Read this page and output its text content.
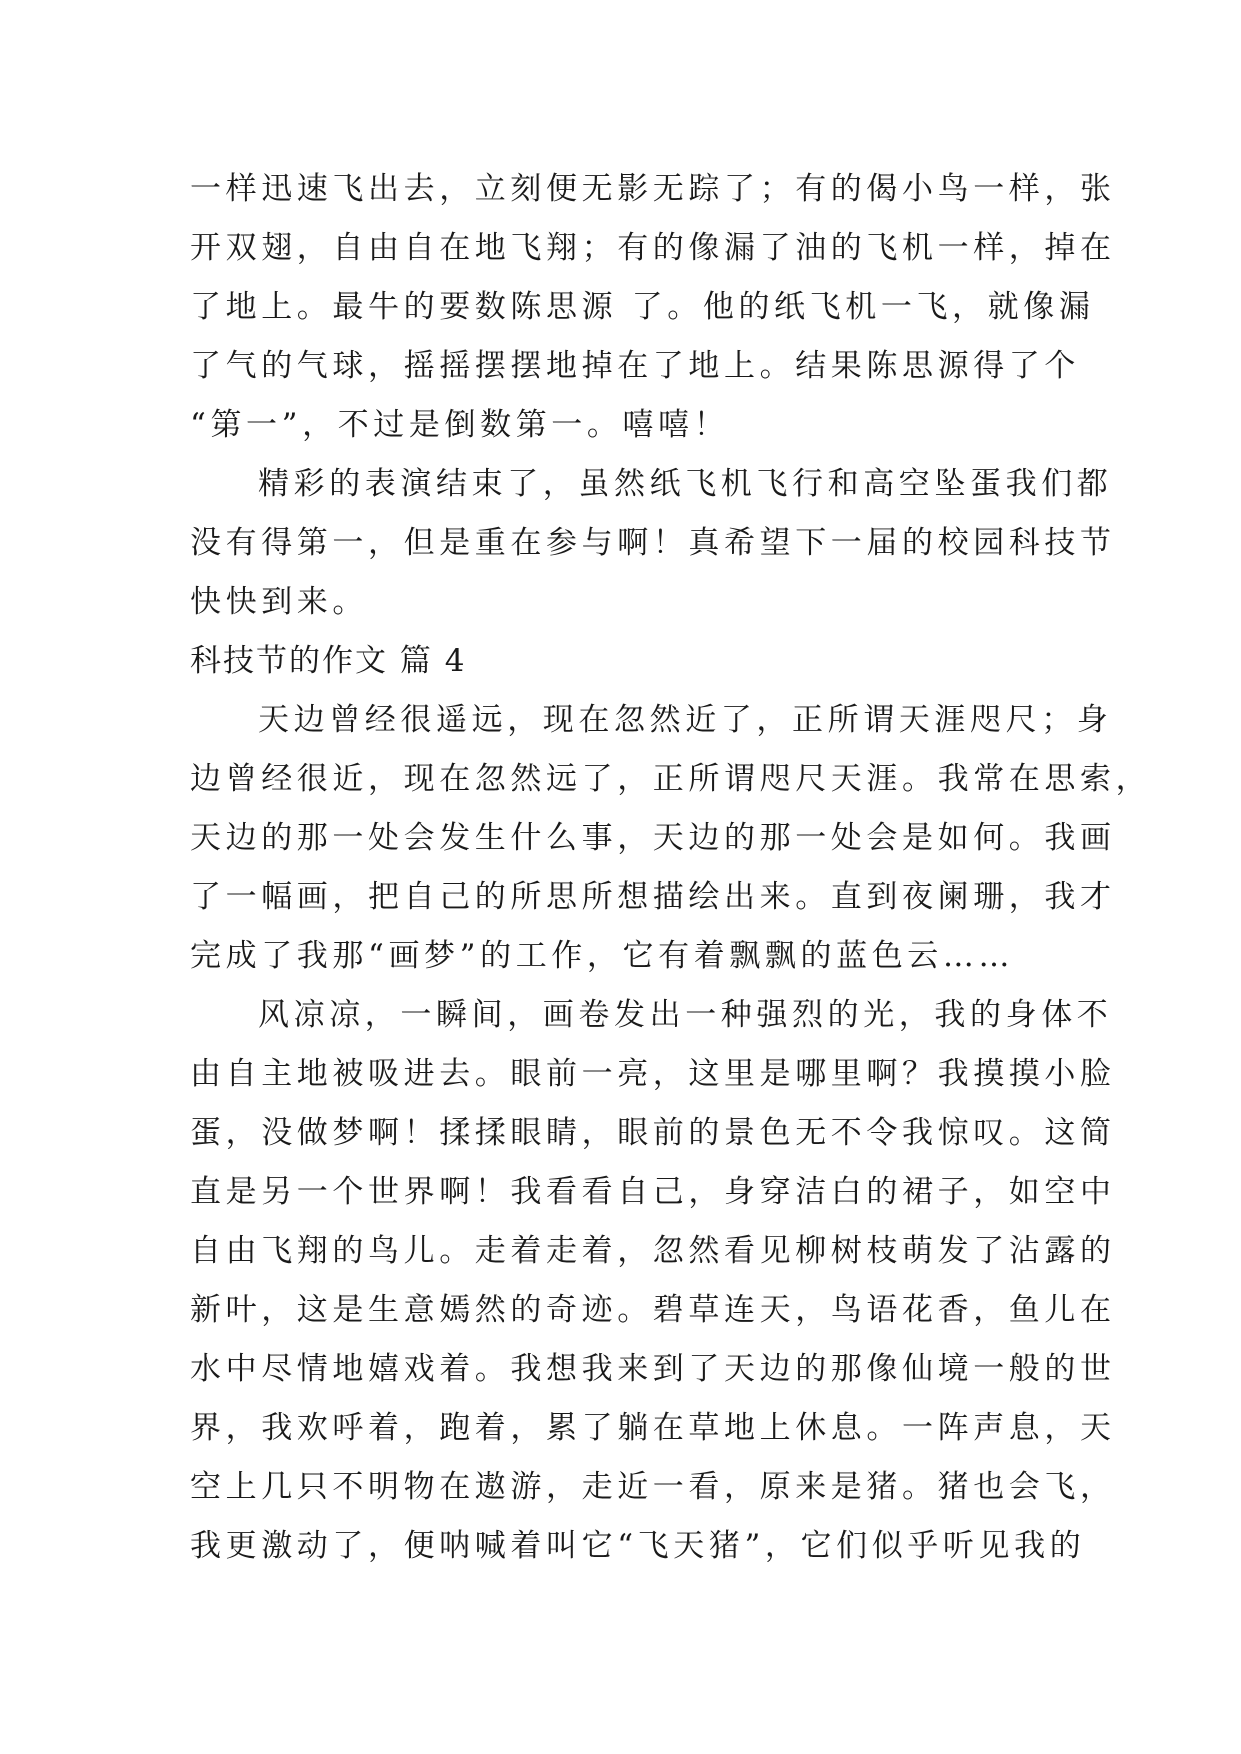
一样迅速飞出去，立刻便无影无踪了；有的偈小鸟一样，张
开双翅，自由自在地飞翔；有的像漏了油的飞机一样，掉在
了地上。最牛的要数陈思源 了。他的纸飞机一飞，就像漏
了气的气球，摇摇摆摆地掉在了地上。结果陈思源得了个
“第一”，不过是倒数第一。嘻嘻！
精彩的表演结束了，虽然纸飞机飞行和高空坠蛋我们都
没有得第一，但是重在参与啊！真希望下一届的校园科技节
快快到来。
科技节的作文 篇 4
天边曾经很遥远，现在忽然近了，正所谓天涯咫尺；身
边曾经很近，现在忽然远了，正所谓咫尺天涯。我常在思索，
天边的那一处会发生什么事，天边的那一处会是如何。我画
了一幅画，把自己的所思所想描绘出来。直到夜阑珊，我才
完成了我那“画梦”的工作，它有着飘飘的蓝色云……
风凉凉，一瞬间，画卷发出一种强烈的光，我的身体不
由自主地被吸进去。眼前一亮，这里是哪里啊？我摸摸小脸
蛋，没做梦啊！揉揉眼睛，眼前的景色无不令我惊叹。这简
直是另一个世界啊！我看看自己，身穿洁白的裙子，如空中
自由飞翔的鸟儿。走着走着，忽然看见柳树枝萌发了沾露的
新叶，这是生意嫣然的奇迹。碧草连天，鸟语花香，鱼儿在
水中尽情地嬉戏着。我想我来到了天边的那像仙境一般的世
界，我欢呼着，跑着，累了躺在草地上休息。一阵声息，天
空上几只不明物在遨游，走近一看，原来是猪。猪也会飞，
我更激动了，便呐喊着叫它“飞天猪”，它们似乎听见我的
